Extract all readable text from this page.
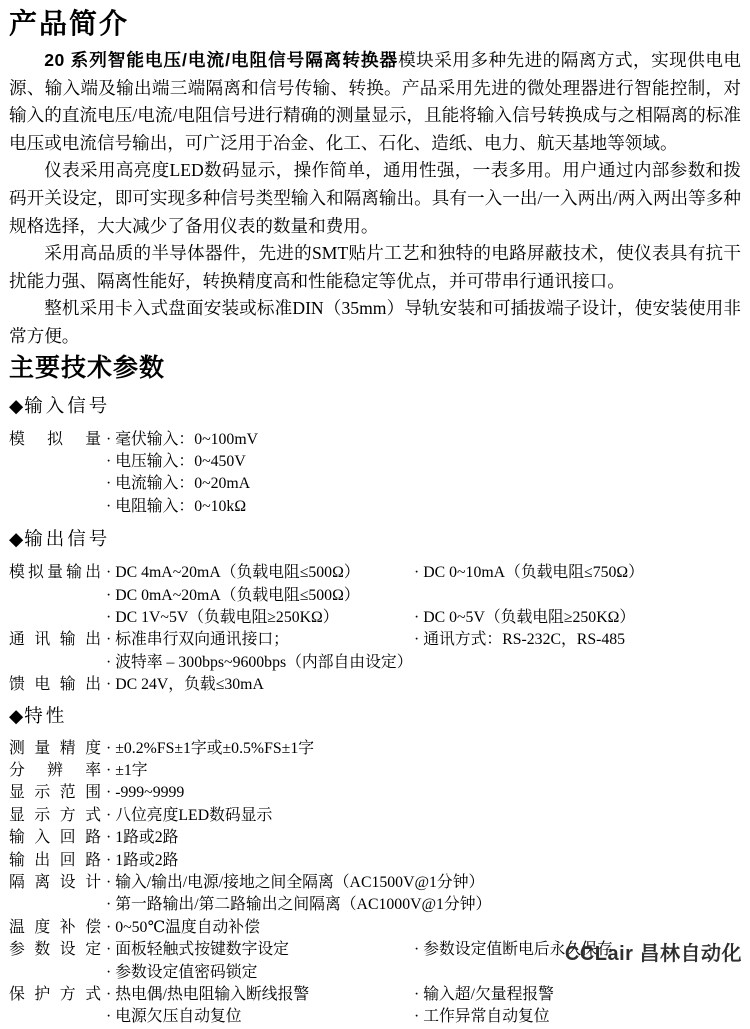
产品简介

20 系列智能电压/电流/电阻信号隔离转换器模块采用多种先进的隔离方式，实现供电电源、输入端及输出端三端隔离和信号传输、转换。产品采用先进的微处理器进行智能控制，对输入的直流电压/电流/电阻信号进行精确的测量显示，且能将输入信号转换成与之相隔离的标准电压或电流信号输出，可广泛用于冶金、化工、石化、造纸、电力、航天基地等领域。

仪表采用高亮度LED数码显示，操作简单，通用性强，一表多用。用户通过内部参数和拨码开关设定，即可实现多种信号类型输入和隔离输出。具有一入一出/一入两出/两入两出等多种规格选择，大大减少了备用仪表的数量和费用。

采用高品质的半导体器件，先进的SMT贴片工艺和独特的电路屏蔽技术，使仪表具有抗干扰能力强、隔离性能好，转换精度高和性能稳定等优点，并可带串行通讯接口。

整机采用卡入式盘面安装或标准DIN（35mm）导轨安装和可插拔端子设计，使安装使用非常方便。

主要技术参数
◆输入信号
模拟量 · 毫伏输入：0~100mV
· 电压输入：0~450V
· 电流输入：0~20mA
· 电阻输入：0~10kΩ
◆输出信号
模拟量输出 · DC 4mA~20mA（负载电阻≤500Ω）	· DC 0~10mA（负载电阻≤750Ω）
· DC 0mA~20mA（负载电阻≤500Ω）
· DC 1V~5V（负载电阻≥250KΩ）	· DC 0~5V（负载电阻≥250KΩ）
通讯输出 · 标准串行双向通讯接口；	· 通讯方式：RS-232C，RS-485
· 波特率 – 300bps~9600bps（内部自由设定）
馈电输出 · DC 24V，负载≤30mA
◆特性
测量精度 · ±0.2%FS±1字或±0.5%FS±1字
分辨率 · ±1字
显示范围 · -999~9999
显示方式 · 八位亮度LED数码显示
输入回路 · 1路或2路
输出回路 · 1路或2路
隔离设计 · 输入/输出/电源/接地之间全隔离（AC1500V@1分钟）
· 第一路输出/第二路输出之间隔离（AC1000V@1分钟）
温度补偿 · 0~50℃温度自动补偿
参数设定 · 面板轻触式按键数字设定	· 参数设定值断电后永久保存
· 参数设定值密码锁定
保护方式 · 热电偶/热电阻输入断线报警	· 输入超/欠量程报警
· 电源欠压自动复位	· 工作异常自动复位
CCLair 昌林自动化
